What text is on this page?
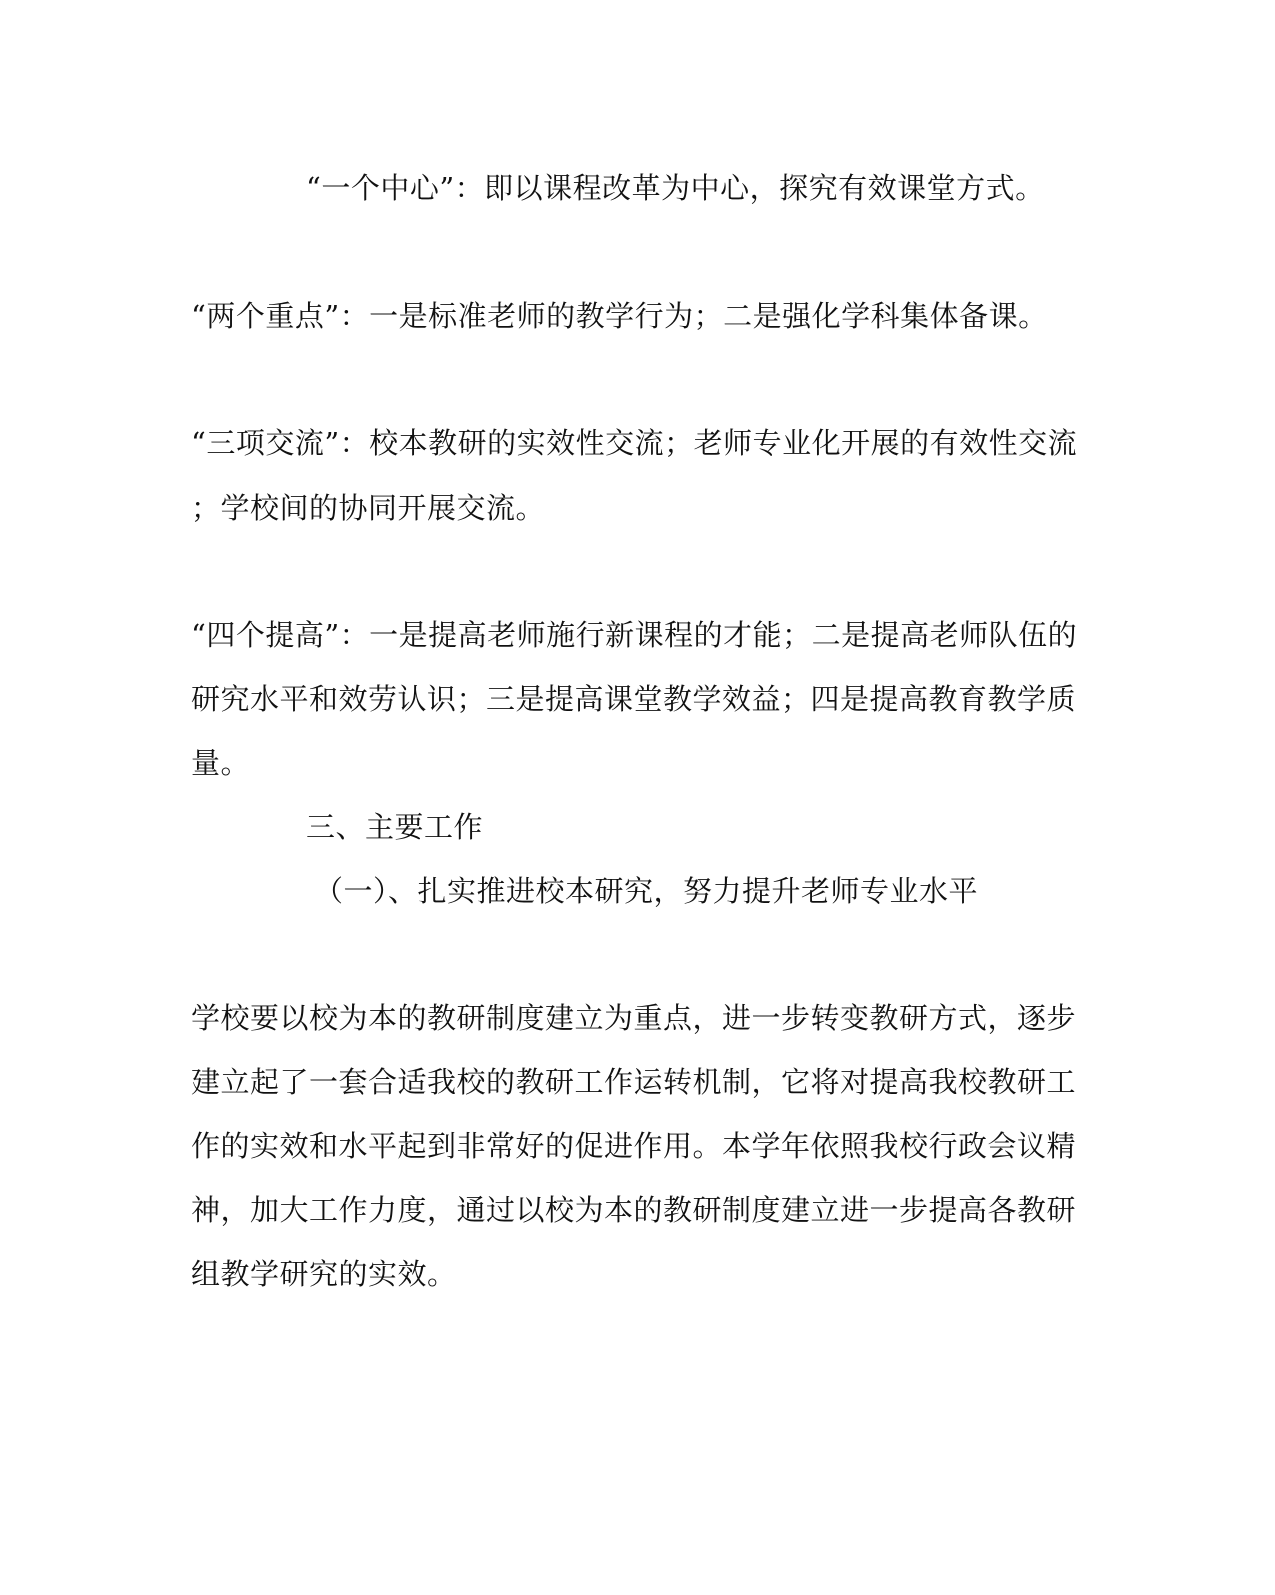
“一个中心”：即以课程改革为中心，探究有效课堂方式。
“两个重点”：一是标准老师的教学行为；二是强化学科集体备课。
“三项交流”：校本教研的实效性交流；老师专业化开展的有效性交流
；学校间的协同开展交流。
“四个提高”：一是提高老师施行新课程的才能；二是提高老师队伍的
研究水平和效劳认识；三是提高课堂教学效益；四是提高教育教学质
量。
三、主要工作
（一）、扎实推进校本研究，努力提升老师专业水平
学校要以校为本的教研制度建立为重点，进一步转变教研方式，逐步
建立起了一套合适我校的教研工作运转机制，它将对提高我校教研工
作的实效和水平起到非常好的促进作用。本学年依照我校行政会议精
神，加大工作力度，通过以校为本的教研制度建立进一步提高各教研
组教学研究的实效。
